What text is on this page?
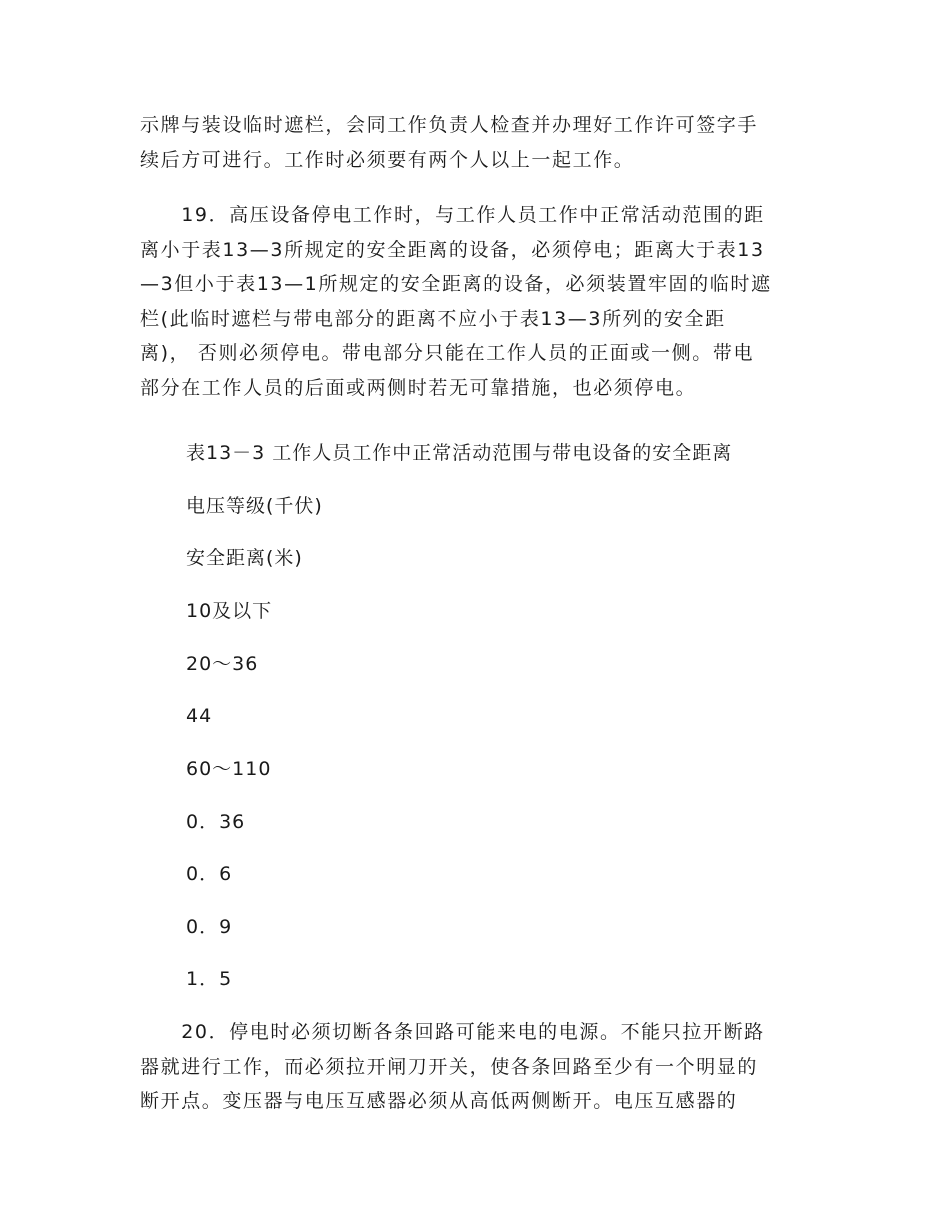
示牌与装设临时遮栏，会同工作负责人检查并办理好工作许可签字手
续后方可进行。工作时必须要有两个人以上一起工作。

　　19．高压设备停电工作时，与工作人员工作中正常活动范围的距
离小于表13—3所规定的安全距离的设备，必须停电；距离大于表13
—3但小于表13—1所规定的安全距离的设备，必须装置牢固的临时遮
栏(此临时遮栏与带电部分的距离不应小于表13—3所列的安全距
离)， 否则必须停电。带电部分只能在工作人员的正面或一侧。带电
部分在工作人员的后面或两侧时若无可靠措施，也必须停电。

表13－3 工作人员工作中正常活动范围与带电设备的安全距离

电压等级(千伏)

安全距离(米)

10及以下

20～36

44

60～110

0．36

0．6

0．9

1．5

　　20．停电时必须切断各条回路可能来电的电源。不能只拉开断路
器就进行工作，而必须拉开闸刀开关，使各条回路至少有一个明显的
断开点。变压器与电压互感器必须从高低两侧断开。电压互感器的
